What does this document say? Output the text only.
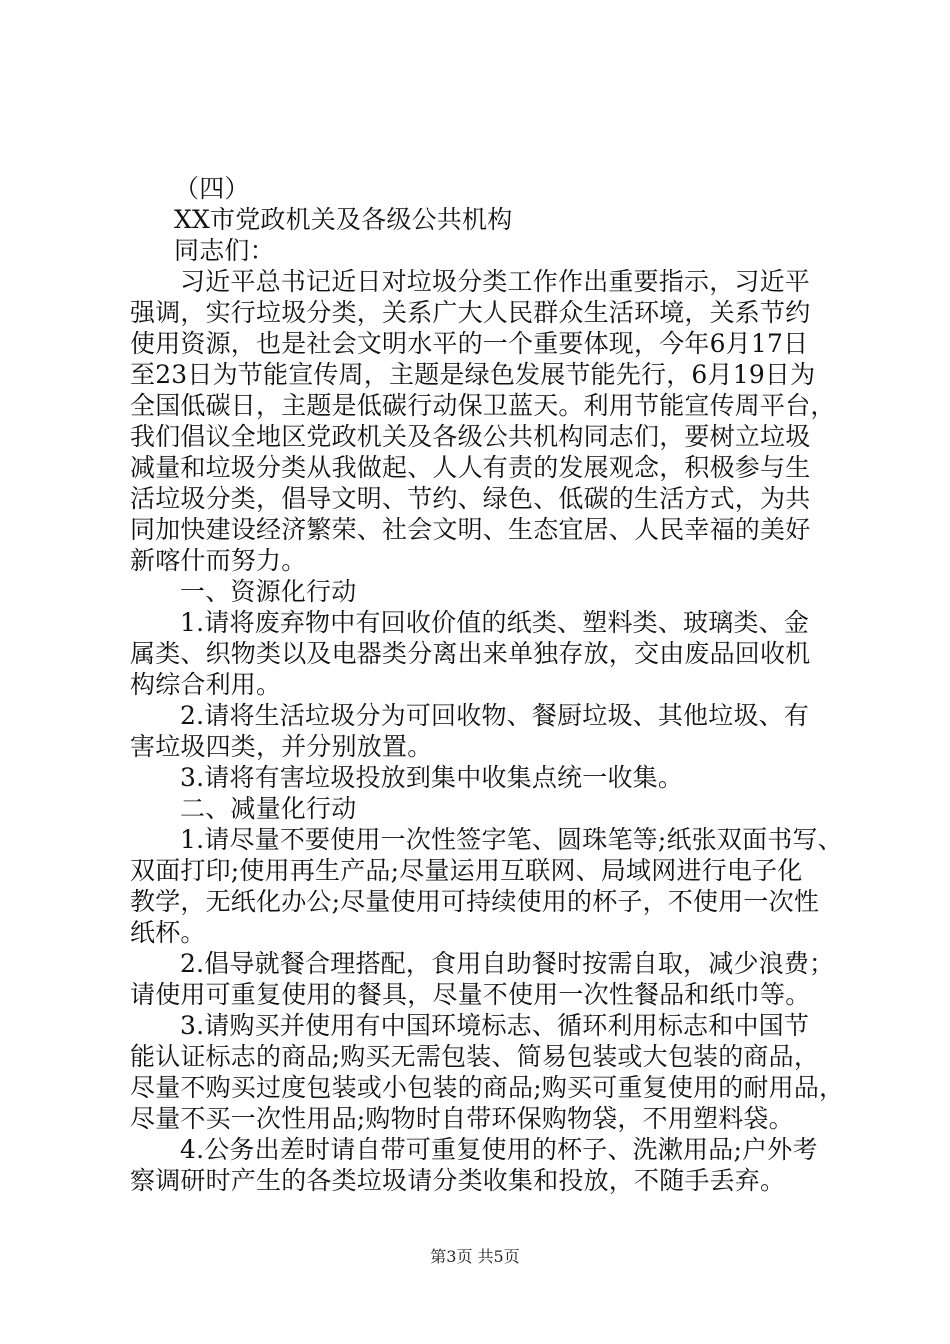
（四）

XX市党政机关及各级公共机构

同志们：

习近平总书记近日对垃圾分类工作作出重要指示，习近平
强调，实行垃圾分类，关系广大人民群众生活环境，关系节约
使用资源，也是社会文明水平的一个重要体现，今年6月17日
至23日为节能宣传周，主题是绿色发展节能先行，6月19日为
全国低碳日，主题是低碳行动保卫蓝天。利用节能宣传周平台，
我们倡议全地区党政机关及各级公共机构同志们，要树立垃圾
减量和垃圾分类从我做起、人人有责的发展观念，积极参与生
活垃圾分类，倡导文明、节约、绿色、低碳的生活方式，为共
同加快建设经济繁荣、社会文明、生态宜居、人民幸福的美好
新喀什而努力。

一、资源化行动

1.请将废弃物中有回收价值的纸类、塑料类、玻璃类、金
属类、织物类以及电器类分离出来单独存放，交由废品回收机
构综合利用。

2.请将生活垃圾分为可回收物、餐厨垃圾、其他垃圾、有
害垃圾四类，并分别放置。

3.请将有害垃圾投放到集中收集点统一收集。

二、减量化行动

1.请尽量不要使用一次性签字笔、圆珠笔等;纸张双面书写、
双面打印;使用再生产品;尽量运用互联网、局域网进行电子化
教学，无纸化办公;尽量使用可持续使用的杯子，不使用一次性
纸杯。

2.倡导就餐合理搭配，食用自助餐时按需自取，减少浪费；
请使用可重复使用的餐具，尽量不使用一次性餐品和纸巾等。

3.请购买并使用有中国环境标志、循环利用标志和中国节
能认证标志的商品;购买无需包装、简易包装或大包装的商品，
尽量不购买过度包装或小包装的商品;购买可重复使用的耐用品，
尽量不买一次性用品;购物时自带环保购物袋，不用塑料袋。

4.公务出差时请自带可重复使用的杯子、洗漱用品;户外考
察调研时产生的各类垃圾请分类收集和投放，不随手丢弃。

第3页 共5页
